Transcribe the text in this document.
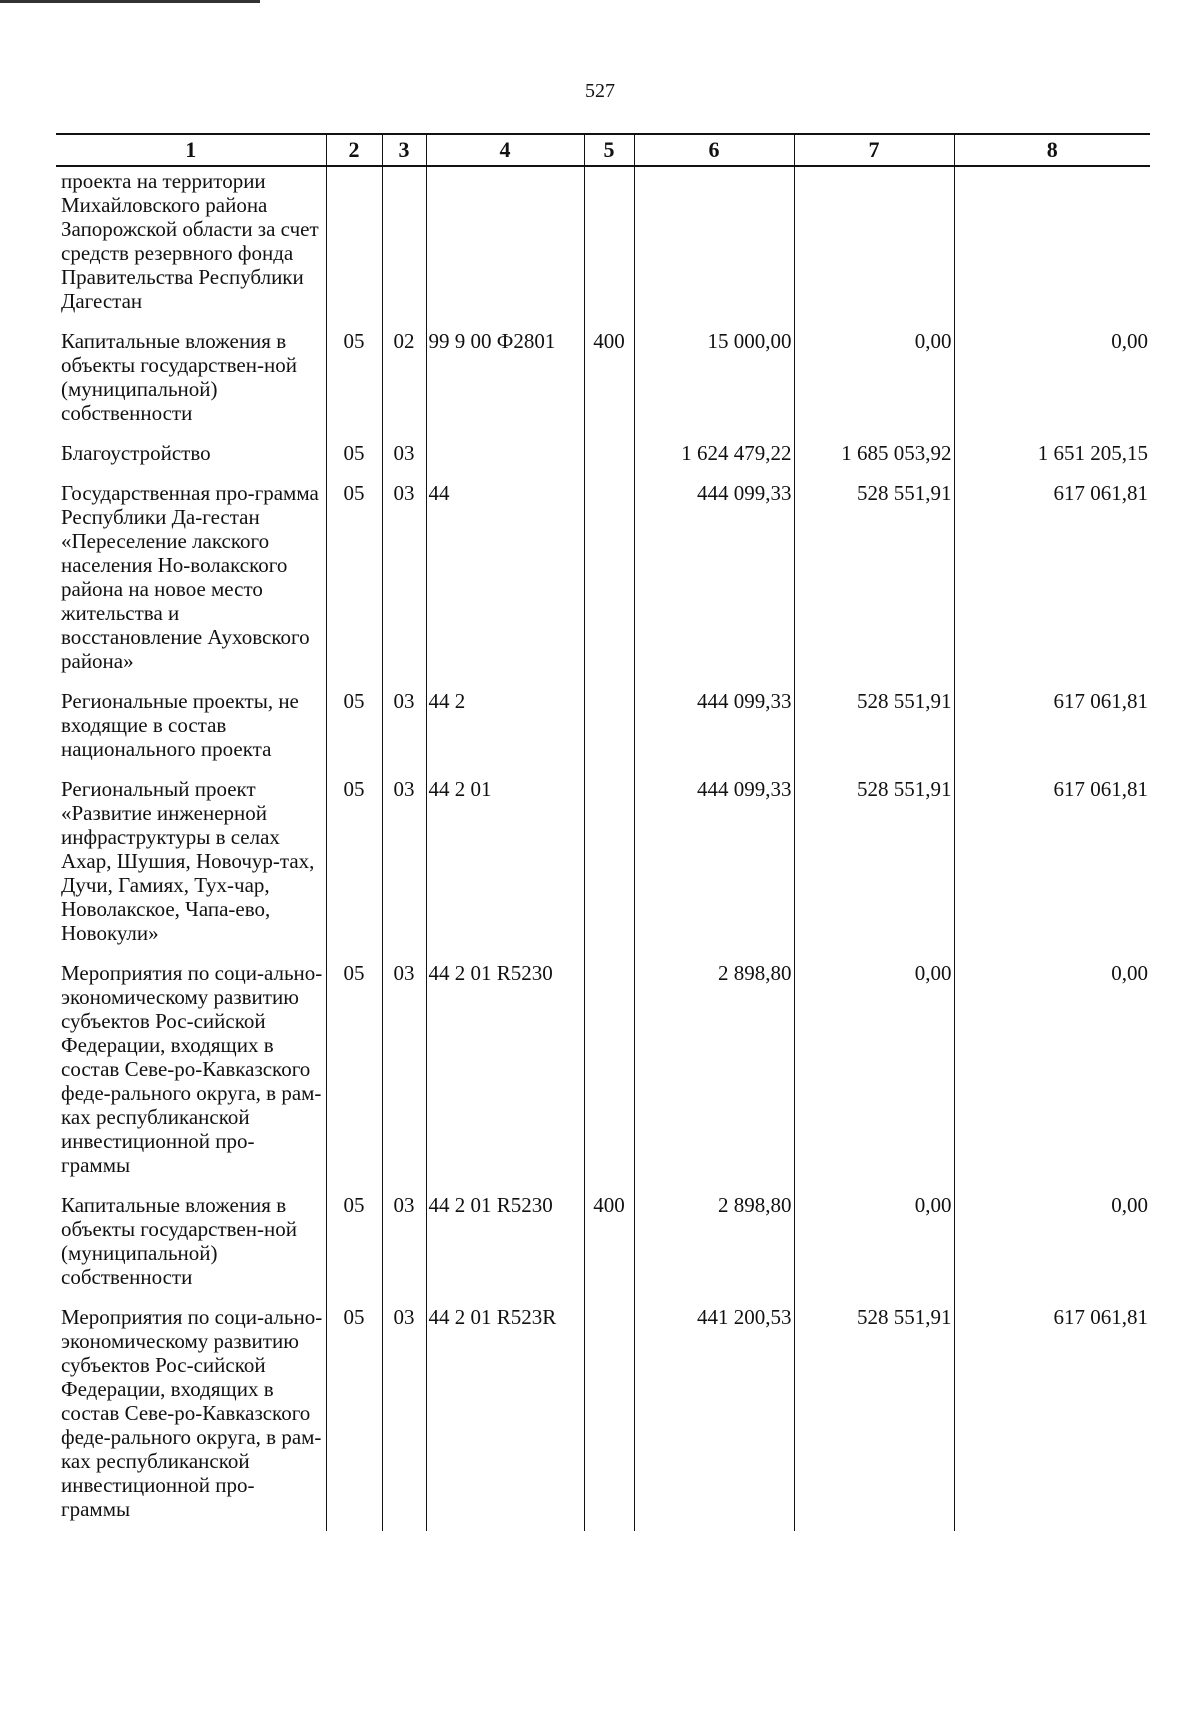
527
1	2	3	4	5	6	7	8
проекта на территории Михайловского района Запорожской области за счет средств резервного фонда Правительства Республики Дагестан							
Капитальные вложения в объекты государствен-ной (муниципальной) собственности	05	02	99 9 00 Ф2801	400	15 000,00	0,00	0,00
Благоустройство	05	03			1 624 479,22	1 685 053,92	1 651 205,15
Государственная про-грамма Республики Да-гестан «Переселение лакского населения Но-волакского района на новое место жительства и восстановление Ауховского района»	05	03	44		444 099,33	528 551,91	617 061,81
Региональные проекты, не входящие в состав национального проекта	05	03	44 2		444 099,33	528 551,91	617 061,81
Региональный проект «Развитие инженерной инфраструктуры в селах Ахар, Шушия, Новочур-тах, Дучи, Гамиях, Тух-чар, Новолакское, Чапа-ево, Новокули»	05	03	44 2 01		444 099,33	528 551,91	617 061,81
Мероприятия по соци-ально-экономическому развитию субъектов Рос-сийской Федерации, входящих в состав Севе-ро-Кавказского феде-рального округа, в рам-ках республиканской инвестиционной про-граммы	05	03	44 2 01 R5230		2 898,80	0,00	0,00
Капитальные вложения в объекты государствен-ной (муниципальной) собственности	05	03	44 2 01 R5230	400	2 898,80	0,00	0,00
Мероприятия по соци-ально-экономическому развитию субъектов Рос-сийской Федерации, входящих в состав Севе-ро-Кавказского феде-рального округа, в рам-ках республиканской инвестиционной про-граммы	05	03	44 2 01 R523R		441 200,53	528 551,91	617 061,81
